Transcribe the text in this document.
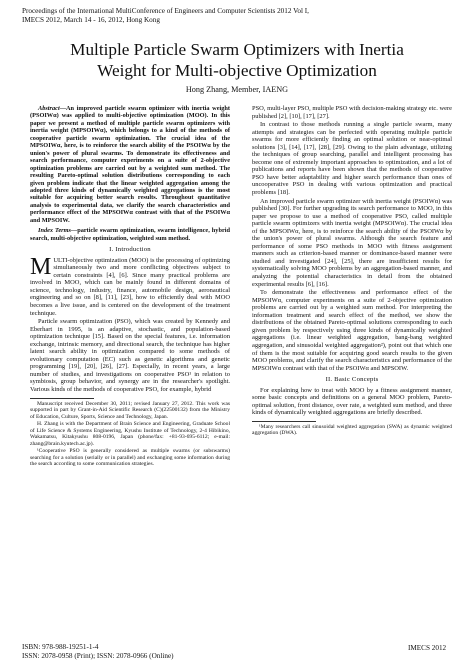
Proceedings of the International MultiConference of Engineers and Computer Scientists 2012 Vol I,
IMECS 2012, March 14 - 16, 2012, Hong Kong
Multiple Particle Swarm Optimizers with Inertia
Weight for Multi-objective Optimization
Hong Zhang, Member, IAENG

Abstract—An improved particle swarm optimizer with inertia weight (PSOIWα) was applied to multi-objective optimization (MOO). In this paper we present a method of multiple particle swarm optimizers with inertia weight (MPSOIWα), which belongs to a kind of the methods of cooperative particle swarm optimization. The crucial idea of the MPSOIWα, here, is to reinforce the search ability of the PSOIWα by the union's power of plural swarms. To demonstrate its effectiveness and search performance, computer experiments on a suite of 2-objective optimization problems are carried out by a weighted sum method. The resulting Pareto-optimal solution distributions corresponding to each given problem indicate that the linear weighted aggregation among the adopted three kinds of dynamically weighted aggregations is the most suitable for acquiring better search results. Throughout quantitative analysis to experimental data, we clarify the search characteristics and performance effect of the MPSOIWα contrast with that of the PSOIWα and MPSOIW.

Index Terms—particle swarm optimization, swarm intelligence, hybrid search, multi-objective optimization, weighted sum method.

I. Introduction

MULTI-objective optimization (MOO) is the processing of optimizing simultaneously two and more conflicting objectives subject to certain constraints [4], [6]. Since many practical problems are involved in MOO, which can be mainly found in different domains of science, technology, industry, finance, automobile design, aeronautical engineering and so on [8], [11], [23], how to efficiently deal with MOO becomes a live issue, and is centered on the development of the treatment technique.

Particle swarm optimization (PSO), which was created by Kennedy and Eberhart in 1995, is an adaptive, stochastic, and population-based optimization technique [15]. Based on the special features, i.e. information exchange, intrinsic memory, and directional search, the technique has higher latent search ability in optimization compared to some methods of evolutionary computation (EC) such as genetic algorithms and genetic programming [19], [20], [26], [27]. Especially, in recent years, a large number of studies, and investigations on cooperative PSO¹ in relation to symbiosis, group behavior, and synergy are in the researcher's spotlight. Various kinds of the methods of cooperative PSO, for example, hybrid

Manuscript received December 30, 2011; revised January 27, 2012. This work was supported in part by Grant-in-Aid Scientific Research (C)(22500132) from the Ministry of Education, Culture, Sports, Science and Technology, Japan.
H. Zhang is with the Department of Brain Science and Engineering, Graduate School of Life Science & Systems Engineering, Kyushu Institute of Technology, 2-4 Hibikino, Wakamatsu, Kitakyushu 808-0196, Japan (phone/fax: +81-93-695-6112; e-mail: zhang@brain.kyutech.ac.jp).
¹Cooperative PSO is generally considered as multiple swarms (or subswarms) searching for a solution (serially or in parallel) and exchanging some information during the search according to some communication strategies.

PSO, multi-layer PSO, multiple PSO with decision-making strategy etc. were published [2], [10], [17], [27].

In contrast to those methods running a single particle swarm, many attempts and strategies can be perfected with operating multiple particle swarms for more efficiently finding an optimal solution or near-optimal solutions [3], [14], [17], [28], [29]. Owing to the plain advantage, utilizing the techniques of group searching, parallel and intelligent processing has become one of extremely important approaches to optimization, and a lot of publications and reports have been shown that the methods of cooperative PSO have better adaptability and higher search performance than ones of uncooperative PSO in dealing with various optimization and practical problems [18].

An improved particle swarm optimizer with inertia weight (PSOIWα) was published [30]. For further upgrading its search performance to MOO, in this paper we propose to use a method of cooperative PSO, called multiple particle swarm optimizers with inertia weight (MPSOIWα). The crucial idea of the MPSOIWα, here, is to reinforce the search ability of the PSOIWα by the union's power of plural swarms. Although the search feature and performance of some PSO methods in MOO with fitness assignment manners such as criterion-based manner or dominance-based manner were studied and investigated [24], [25], there are insufficient results for systematically solving MOO problems by an aggregation-based manner, and analyzing the potential characteristics in detail from the obtained experimental results [6], [16].

To demonstrate the effectiveness and performance effect of the MPSOIWα, computer experiments on a suite of 2-objective optimization problems are carried out by a weighted sum method. For interpreting the information treatment and search effect of the method, we show the distributions of the obtained Pareto-optimal solutions corresponding to each given problem by respectively using three kinds of dynamically weighted aggregations (i.e. linear weighted aggregation, bang-bang weighted aggregation, and sinusoidal weighted aggregation²), point out that which one of them is the most suitable for acquiring good search results to the given MOO problems, and clarify the search characteristics and performance of the MPSOIWα contrast with that of the PSOIWα and MPSOIW.

II. Basic Concepts

For explaining how to treat with MOO by a fitness assignment manner, some basic concepts and definitions on a general MOO problem, Pareto-optimal solution, front distance, over rate, a weighted sum method, and three kinds of dynamically weighted aggregations are briefly described.

¹Many researchers call sinusoidal weighted aggregation (SWA) as dynamic weighted aggregation (DWA).
ISBN: 978-988-19251-1-4
ISSN: 2078-0958 (Print); ISSN: 2078-0966 (Online)
IMECS 2012
